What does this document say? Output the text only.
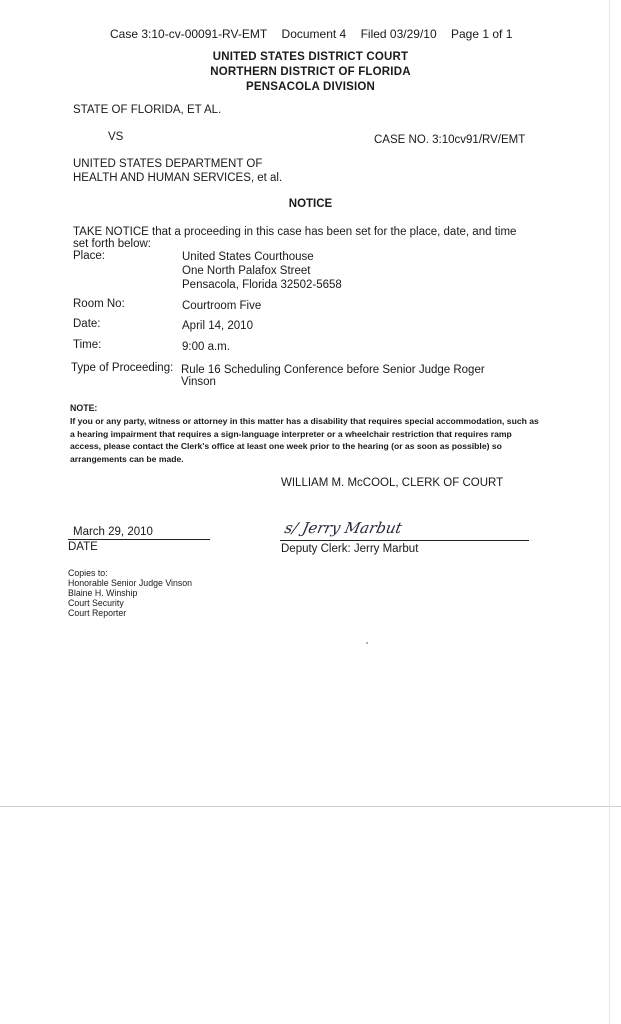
Case 3:10-cv-00091-RV-EMT Document 4 Filed 03/29/10 Page 1 of 1
UNITED STATES DISTRICT COURT
NORTHERN DISTRICT OF FLORIDA
PENSACOLA DIVISION
STATE OF FLORIDA, ET AL.
VS	CASE NO. 3:10cv91/RV/EMT
UNITED STATES DEPARTMENT OF
HEALTH AND HUMAN SERVICES, et al.
NOTICE
TAKE NOTICE that a proceeding in this case has been set for the place, date, and time
set forth below:
Place:	United States Courthouse
One North Palafox Street
Pensacola, Florida 32502-5658
Room No:	Courtroom Five
Date:	April 14, 2010
Time:	9:00 a.m.
Type of Proceeding: Rule 16 Scheduling Conference before Senior Judge Roger
Vinson
NOTE:
If you or any party, witness or attorney in this matter has a disability that requires special accommodation, such as a hearing impairment that requires a sign-language interpreter or a wheelchair restriction that requires ramp access, please contact the Clerk's office at least one week prior to the hearing (or as soon as possible) so arrangements can be made.
WILLIAM M. McCOOL, CLERK OF COURT
March 29, 2010
DATE
s/ Jerry Marbut
Deputy Clerk: Jerry Marbut
Copies to:
Honorable Senior Judge Vinson
Blaine H. Winship
Court Security
Court Reporter
